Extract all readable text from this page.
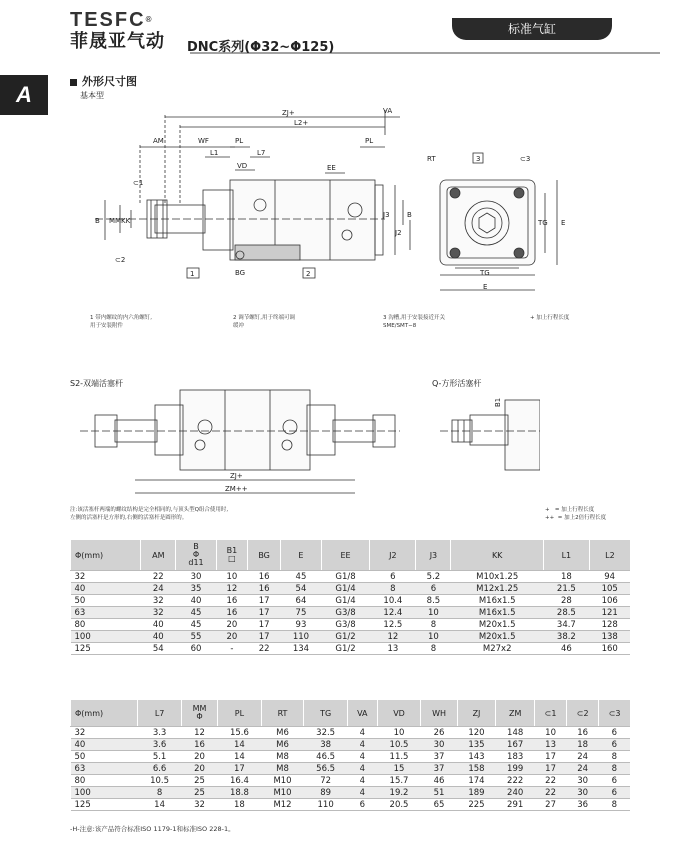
TESFC®
菲晟亚气动 DNC系列(Φ32~Φ125)
标准气缸
A
外形尺寸图
基本型
ZJ+	VA
L2+
AM	WF	PL
L1	L7
PL
VD	EE
⊂1
B MM KK
J3
J2
B
⊂2
BG
1	2
RT	3	⊂3
TG E
TG
E
1 带内螺纹的内六角螺钉,
用于安装附件
2 调节螺钉,用于终端可调
缓冲
3 沟槽,用于安装接近开关
SME/SMT−8
+ 加上行程长度
S2-双端活塞杆	Q-方形活塞杆
ZJ+
ZM++
B1
注:该活塞杆两端的螺纹结构是完全相同的,与顶头型Q组合使用时,
左侧的活塞杆是方形的,右侧的活塞杆是圆形的。
+   = 加上行程长度
++  = 加上2倍行程长度
Φ(mm)	AM	B
Φ
d11	B1
□	BG	E	EE	J2	J3	KK	L1	L2
32	22	30	10	16	45	G1/8	6	5.2	M10x1.25	18	94
40	24	35	12	16	54	G1/4	8	6	M12x1.25	21.5	105
50	32	40	16	17	64	G1/4	10.4	8.5	M16x1.5	28	106
63	32	45	16	17	75	G3/8	12.4	10	M16x1.5	28.5	121
80	40	45	20	17	93	G3/8	12.5	8	M20x1.5	34.7	128
100	40	55	20	17	110	G1/2	12	10	M20x1.5	38.2	138
125	54	60	-	22	134	G1/2	13	8	M27x2	46	160
Φ(mm)	L7	MM
Φ	PL	RT	TG	VA	VD	WH	ZJ	ZM	⊂1	⊂2	⊂3
32	3.3	12	15.6	M6	32.5	4	10	26	120	148	10	16	6
40	3.6	16	14	M6	38	4	10.5	30	135	167	13	18	6
50	5.1	20	14	M8	46.5	4	11.5	37	143	183	17	24	8
63	6.6	20	17	M8	56.5	4	15	37	158	199	17	24	8
80	10.5	25	16.4	M10	72	4	15.7	46	174	222	22	30	6
100	8	25	18.8	M10	89	4	19.2	51	189	240	22	30	6
125	14	32	18	M12	110	6	20.5	65	225	291	27	36	8
-H-注意:该产品符合标准ISO 1179-1和标准ISO 228-1。
